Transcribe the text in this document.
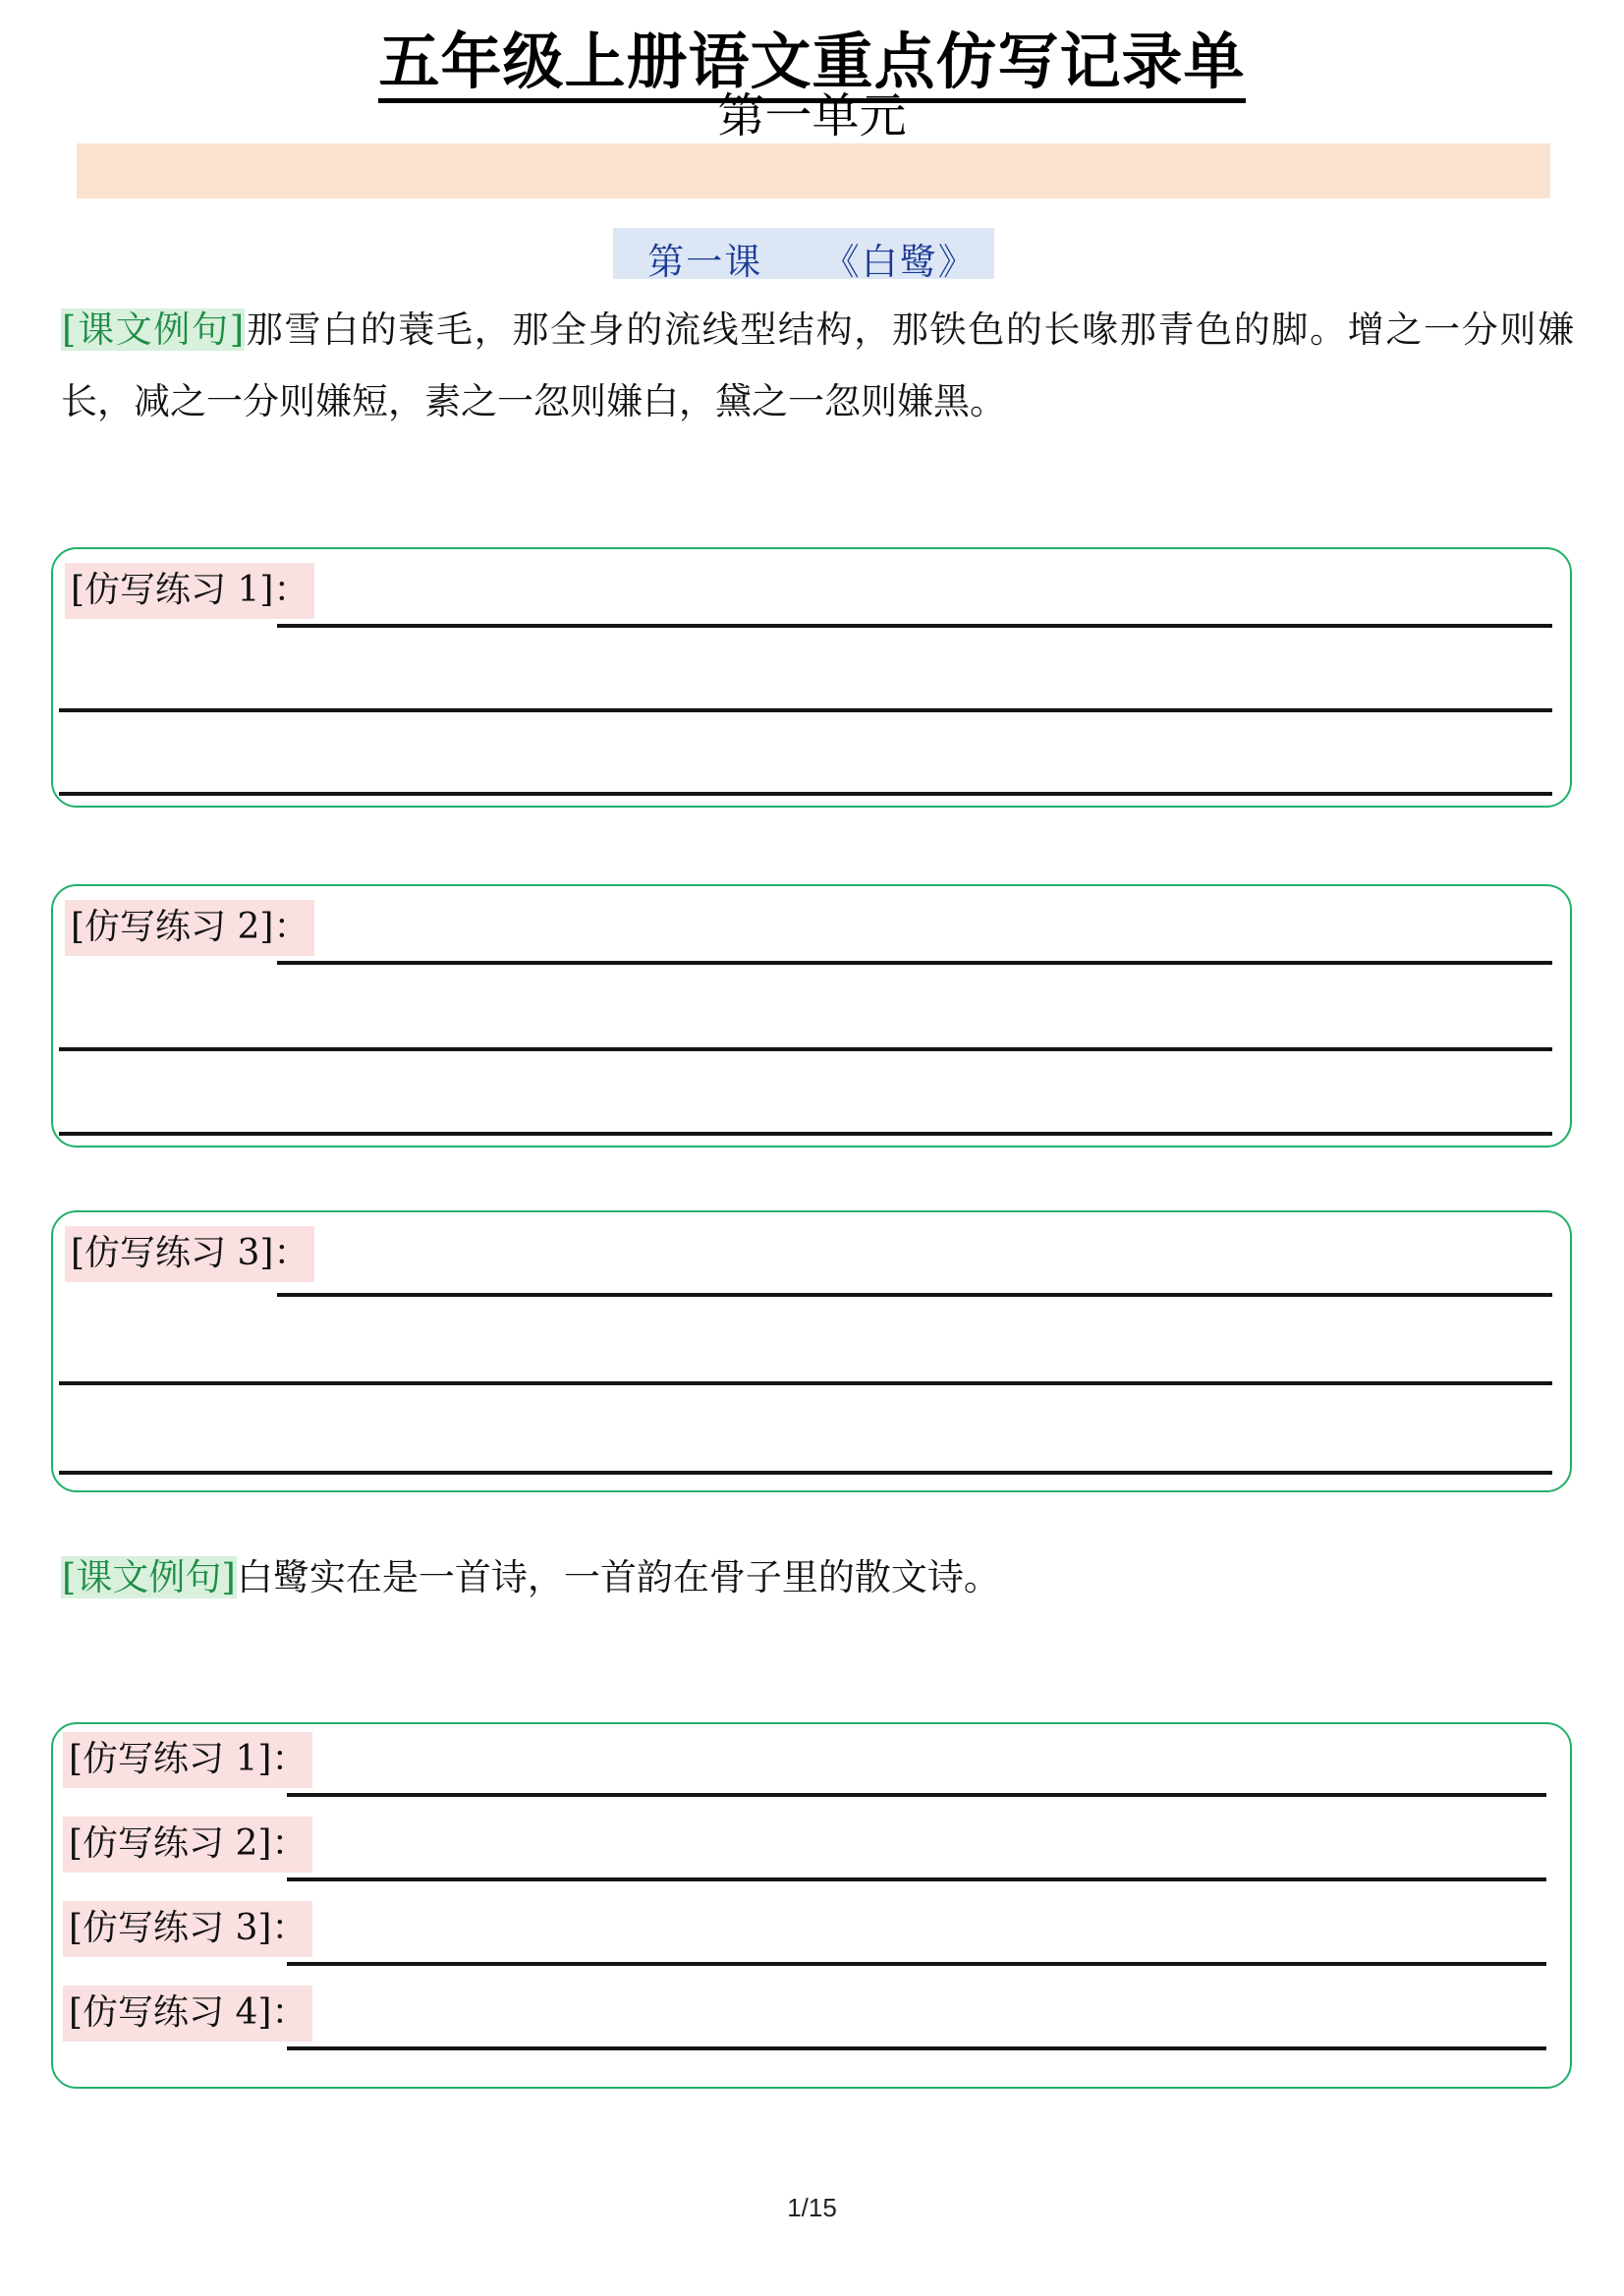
五年级上册语文重点仿写记录单
第一单元
第一课 《白鹭》
[课文例句]那雪白的蓑毛，那全身的流线型结构，那铁色的长喙那青色的脚。增之一分则嫌长，减之一分则嫌短，素之一忽则嫌白，黛之一忽则嫌黑。
[仿写练习 1]：
[仿写练习 2]：
[仿写练习 3]：
[课文例句]白鹭实在是一首诗，一首韵在骨子里的散文诗。
[仿写练习 1]：
[仿写练习 2]：
[仿写练习 3]：
[仿写练习 4]：
1/15
